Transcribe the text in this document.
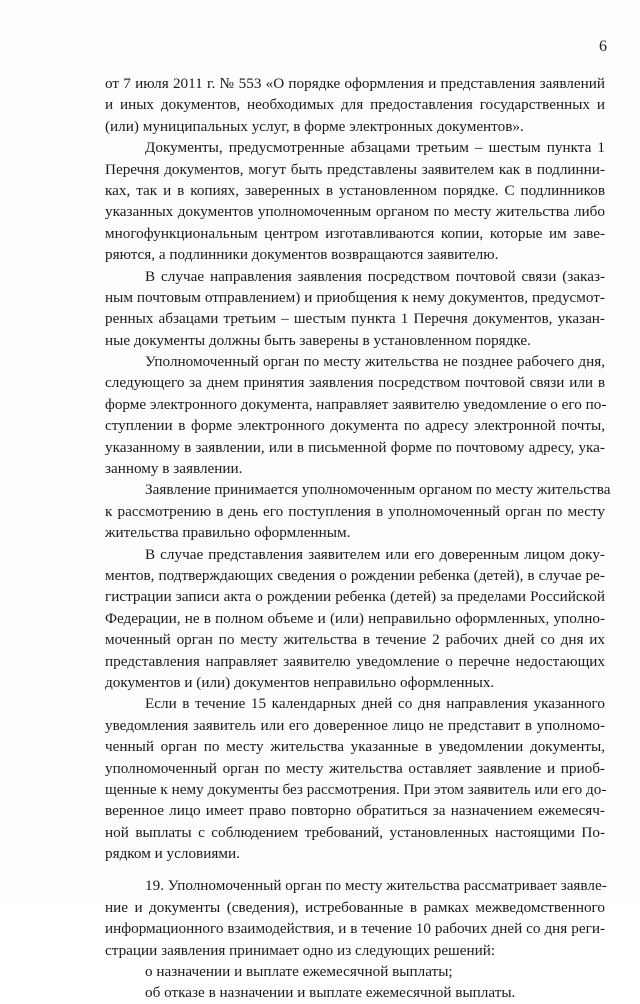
6
от 7 июля 2011 г. № 553 «О порядке оформления и представления заявлений
и иных документов, необходимых для предоставления государственных и
(или) муниципальных услуг, в форме электронных документов».
Документы, предусмотренные абзацами третьим – шестым пункта 1
Перечня документов, могут быть представлены заявителем как в подлинни-
ках, так и в копиях, заверенных в установленном порядке. С подлинников
указанных документов уполномоченным органом по месту жительства либо
многофункциональным центром изготавливаются копии, которые им заве-
ряются, а подлинники документов возвращаются заявителю.
В случае направления заявления посредством почтовой связи (заказ-
ным почтовым отправлением) и приобщения к нему документов, предусмот-
ренных абзацами третьим – шестым пункта 1 Перечня документов, указан-
ные документы должны быть заверены в установленном порядке.
Уполномоченный орган по месту жительства не позднее рабочего дня,
следующего за днем принятия заявления посредством почтовой связи или в
форме электронного документа, направляет заявителю уведомление о его по-
ступлении в форме электронного документа по адресу электронной почты,
указанному в заявлении, или в письменной форме по почтовому адресу, ука-
занному в заявлении.
Заявление принимается уполномоченным органом по месту жительства
к рассмотрению в день его поступления в уполномоченный орган по месту
жительства правильно оформленным.
В случае представления заявителем или его доверенным лицом доку-
ментов, подтверждающих сведения о рождении ребенка (детей), в случае ре-
гистрации записи акта о рождении ребенка (детей) за пределами Российской
Федерации, не в полном объеме и (или) неправильно оформленных, уполно-
моченный орган по месту жительства в течение 2 рабочих дней со дня их
представления направляет заявителю уведомление о перечне недостающих
документов и (или) документов неправильно оформленных.
Если в течение 15 календарных дней со дня направления указанного
уведомления заявитель или его доверенное лицо не представит в уполномо-
ченный орган по месту жительства указанные в уведомлении документы,
уполномоченный орган по месту жительства оставляет заявление и приоб-
щенные к нему документы без рассмотрения. При этом заявитель или его до-
веренное лицо имеет право повторно обратиться за назначением ежемесяч-
ной выплаты с соблюдением требований, установленных настоящими По-
рядком и условиями.
19. Уполномоченный орган по месту жительства рассматривает заявле-
ние и документы (сведения), истребованные в рамках межведомственного
информационного взаимодействия, и в течение 10 рабочих дней со дня реги-
страции заявления принимает одно из следующих решений:
о назначении и выплате ежемесячной выплаты;
об отказе в назначении и выплате ежемесячной выплаты.
